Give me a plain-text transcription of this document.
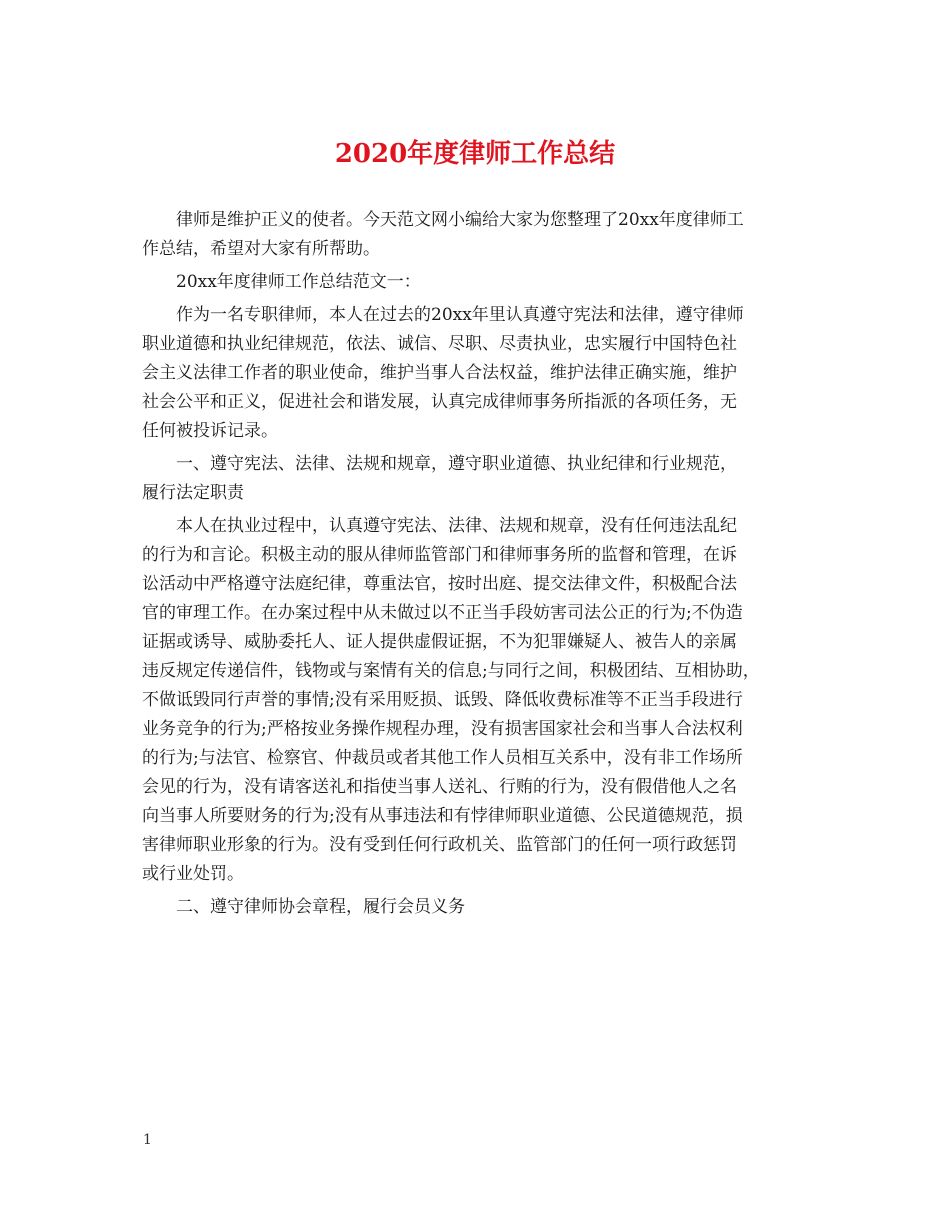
2020年度律师工作总结
律师是维护正义的使者。今天范文网小编给大家为您整理了20xx年度律师工
作总结，希望对大家有所帮助。
20xx年度律师工作总结范文一：
作为一名专职律师，本人在过去的20xx年里认真遵守宪法和法律，遵守律师
职业道德和执业纪律规范，依法、诚信、尽职、尽责执业，忠实履行中国特色社
会主义法律工作者的职业使命，维护当事人合法权益，维护法律正确实施，维护
社会公平和正义，促进社会和谐发展，认真完成律师事务所指派的各项任务，无
任何被投诉记录。
一、遵守宪法、法律、法规和规章，遵守职业道德、执业纪律和行业规范，
履行法定职责
本人在执业过程中，认真遵守宪法、法律、法规和规章，没有任何违法乱纪
的行为和言论。积极主动的服从律师监管部门和律师事务所的监督和管理，在诉
讼活动中严格遵守法庭纪律，尊重法官，按时出庭、提交法律文件，积极配合法
官的审理工作。在办案过程中从未做过以不正当手段妨害司法公正的行为;不伪造
证据或诱导、威胁委托人、证人提供虚假证据，不为犯罪嫌疑人、被告人的亲属
违反规定传递信件，钱物或与案情有关的信息;与同行之间，积极团结、互相协助，
不做诋毁同行声誉的事情;没有采用贬损、诋毁、降低收费标准等不正当手段进行
业务竞争的行为;严格按业务操作规程办理，没有损害国家社会和当事人合法权利
的行为;与法官、检察官、仲裁员或者其他工作人员相互关系中，没有非工作场所
会见的行为，没有请客送礼和指使当事人送礼、行贿的行为，没有假借他人之名
向当事人所要财务的行为;没有从事违法和有悖律师职业道德、公民道德规范，损
害律师职业形象的行为。没有受到任何行政机关、监管部门的任何一项行政惩罚
或行业处罚。
二、遵守律师协会章程，履行会员义务
1
